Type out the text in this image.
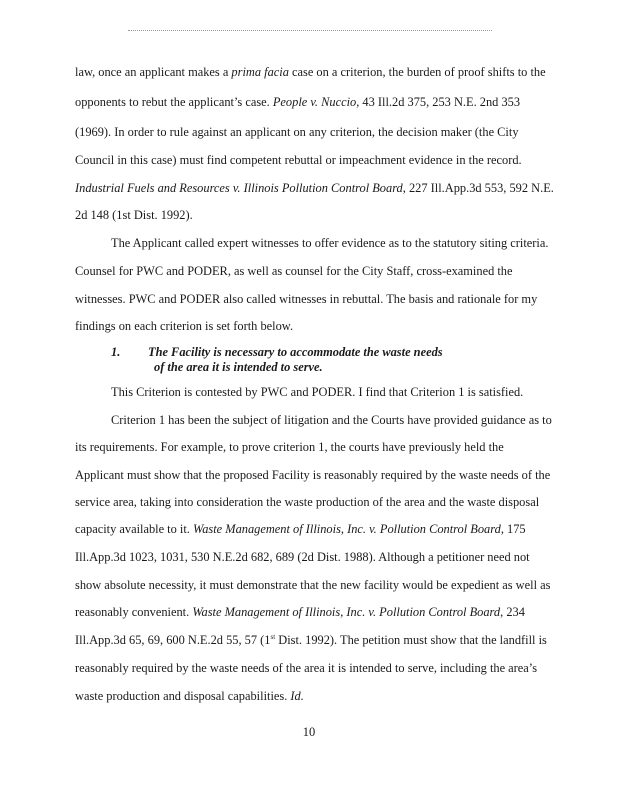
law, once an applicant makes a prima facia case on a criterion, the burden of proof shifts to the
opponents to rebut the applicant’s case. People v. Nuccio, 43 Ill.2d 375, 253 N.E. 2nd 353
(1969). In order to rule against an applicant on any criterion, the decision maker (the City
Council in this case) must find competent rebuttal or impeachment evidence in the record.
Industrial Fuels and Resources v. Illinois Pollution Control Board, 227 Ill.App.3d 553, 592 N.E.
2d 148 (1st Dist. 1992).
The Applicant called expert witnesses to offer evidence as to the statutory siting criteria.
Counsel for PWC and PODER, as well as counsel for the City Staff, cross-examined the
witnesses. PWC and PODER also called witnesses in rebuttal. The basis and rationale for my
findings on each criterion is set forth below.
1. The Facility is necessary to accommodate the waste needs
of the area it is intended to serve.
This Criterion is contested by PWC and PODER. I find that Criterion 1 is satisfied.
Criterion 1 has been the subject of litigation and the Courts have provided guidance as to
its requirements. For example, to prove criterion 1, the courts have previously held the
Applicant must show that the proposed Facility is reasonably required by the waste needs of the
service area, taking into consideration the waste production of the area and the waste disposal
capacity available to it. Waste Management of Illinois, Inc. v. Pollution Control Board, 175
Ill.App.3d 1023, 1031, 530 N.E.2d 682, 689 (2d Dist. 1988). Although a petitioner need not
show absolute necessity, it must demonstrate that the new facility would be expedient as well as
reasonably convenient. Waste Management of Illinois, Inc. v. Pollution Control Board, 234
Ill.App.3d 65, 69, 600 N.E.2d 55, 57 (1st Dist. 1992). The petition must show that the landfill is
reasonably required by the waste needs of the area it is intended to serve, including the area’s
waste production and disposal capabilities. Id.
10
